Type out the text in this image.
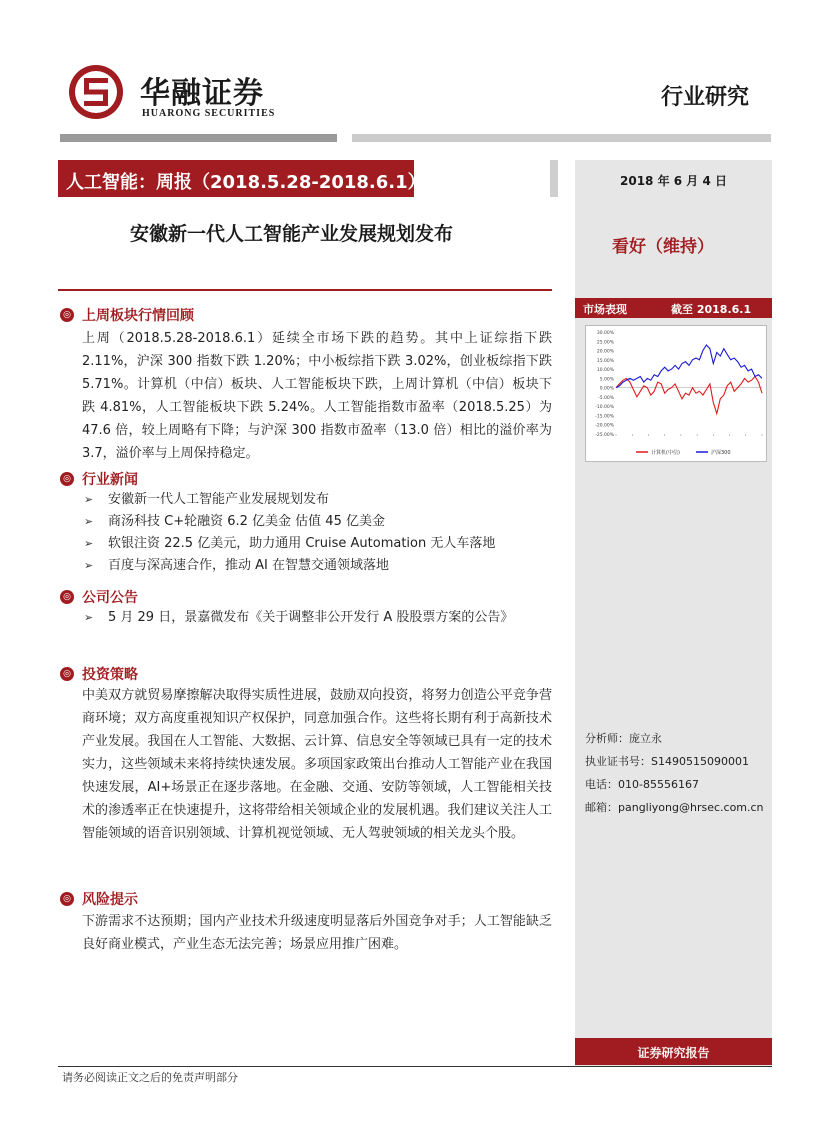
华融证券
HUARONG SECURITIES
行业研究
人工智能：周报（2018.5.28-2018.6.1）	2018 年 6 月 4 日
安徽新一代人工智能产业发展规划发布
看好（维持）
市场表现	截至 2018.6.1
30.00%
25.00%
20.00%
15.00%
10.00%
5.00%
0.00%
-5.00%
-10.00%
-15.00%
-20.00%
-25.00%
计算机(中信)	沪深300
◎ 上周板块行情回顾
上周（2018.5.28-2018.6.1）延续全市场下跌的趋势。其中上证综指下跌 2.11%，沪深 300 指数下跌 1.20%；中小板综指下跌 3.02%，创业板综指下跌 5.71%。计算机（中信）板块、人工智能板块下跌，上周计算机（中信）板块下跌 4.81%，人工智能板块下跌 5.24%。人工智能指数市盈率（2018.5.25）为 47.6 倍，较上周略有下降；与沪深 300 指数市盈率（13.0 倍）相比的溢价率为 3.7，溢价率与上周保持稳定。
◎ 行业新闻
➢ 安徽新一代人工智能产业发展规划发布
➢ 商汤科技 C+轮融资 6.2 亿美金 估值 45 亿美金
➢ 软银注资 22.5 亿美元，助力通用 Cruise Automation 无人车落地
➢ 百度与深高速合作，推动 AI 在智慧交通领域落地
◎ 公司公告
➢ 5 月 29 日，景嘉微发布《关于调整非公开发行 A 股股票方案的公告》
◎ 投资策略
中美双方就贸易摩擦解决取得实质性进展，鼓励双向投资，将努力创造公平竞争营商环境；双方高度重视知识产权保护，同意加强合作。这些将长期有利于高新技术产业发展。我国在人工智能、大数据、云计算、信息安全等领域已具有一定的技术实力，这些领域未来将持续快速发展。多项国家政策出台推动人工智能产业在我国快速发展，AI+场景正在逐步落地。在金融、交通、安防等领域，人工智能相关技术的渗透率正在快速提升，这将带给相关领域企业的发展机遇。我们建议关注人工智能领域的语音识别领域、计算机视觉领域、无人驾驶领域的相关龙头个股。
◎ 风险提示
下游需求不达预期；国内产业技术升级速度明显落后外国竞争对手；人工智能缺乏良好商业模式，产业生态无法完善；场景应用推广困难。
分析师：庞立永
执业证书号：S1490515090001
电话：010-85556167
邮箱：pangliyong@hrsec.com.cn
证券研究报告
请务必阅读正文之后的免责声明部分
